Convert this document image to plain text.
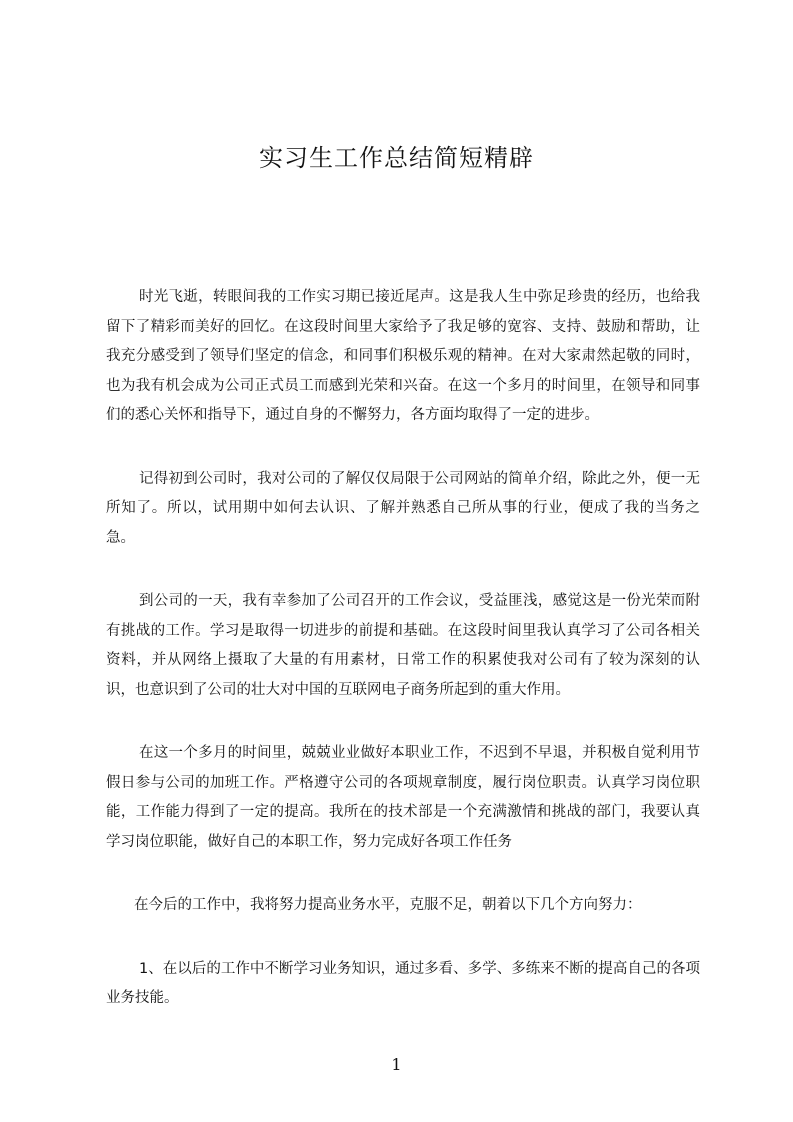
实习生工作总结简短精辟

时光飞逝，转眼间我的工作实习期已接近尾声。这是我人生中弥足珍贵的经历，也给我留下了精彩而美好的回忆。在这段时间里大家给予了我足够的宽容、支持、鼓励和帮助，让我充分感受到了领导们坚定的信念，和同事们积极乐观的精神。在对大家肃然起敬的同时，也为我有机会成为公司正式员工而感到光荣和兴奋。在这一个多月的时间里，在领导和同事们的悉心关怀和指导下，通过自身的不懈努力，各方面均取得了一定的进步。

记得初到公司时，我对公司的了解仅仅局限于公司网站的简单介绍，除此之外，便一无所知了。所以，试用期中如何去认识、了解并熟悉自己所从事的行业，便成了我的当务之急。

到公司的一天，我有幸参加了公司召开的工作会议，受益匪浅，感觉这是一份光荣而附有挑战的工作。学习是取得一切进步的前提和基础。在这段时间里我认真学习了公司各相关资料，并从网络上摄取了大量的有用素材，日常工作的积累使我对公司有了较为深刻的认识，也意识到了公司的壮大对中国的互联网电子商务所起到的重大作用。

在这一个多月的时间里，兢兢业业做好本职业工作，不迟到不早退，并积极自觉利用节假日参与公司的加班工作。严格遵守公司的各项规章制度，履行岗位职责。认真学习岗位职能，工作能力得到了一定的提高。我所在的技术部是一个充满激情和挑战的部门，我要认真学习岗位职能，做好自己的本职工作，努力完成好各项工作任务

在今后的工作中，我将努力提高业务水平，克服不足，朝着以下几个方向努力：

1、在以后的工作中不断学习业务知识，通过多看、多学、多练来不断的提高自己的各项业务技能。

1
